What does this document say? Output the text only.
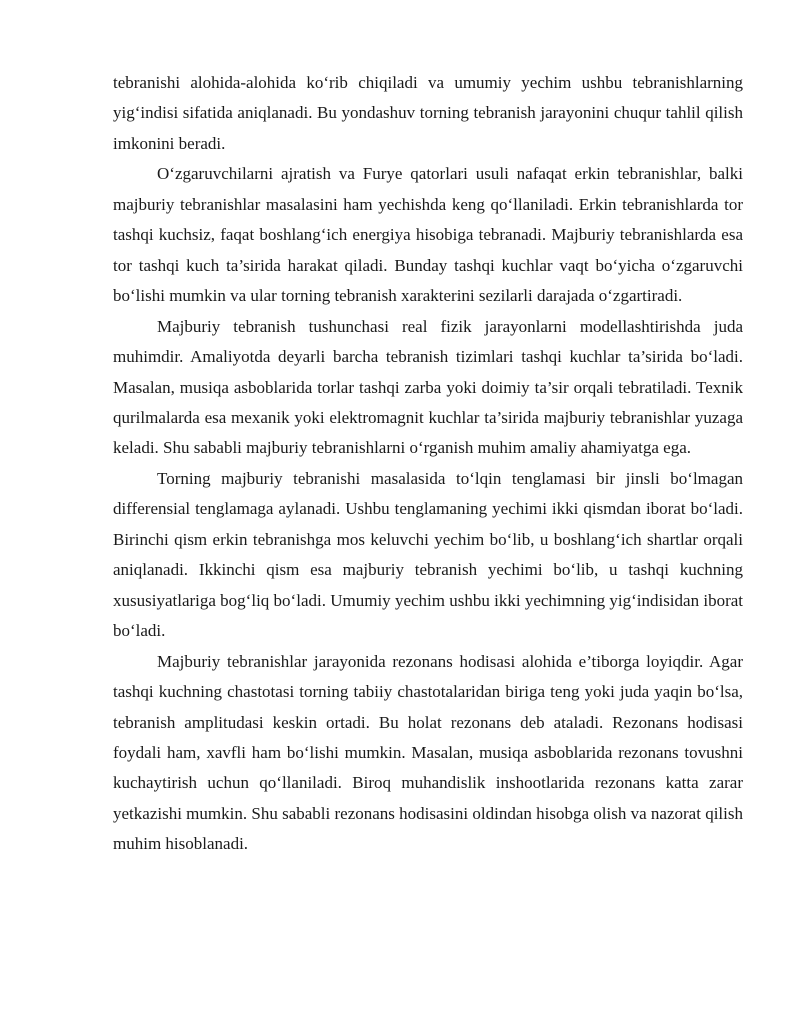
tebranishi alohida-alohida ko‘rib chiqiladi va umumiy yechim ushbu tebranishlarning yig‘indisi sifatida aniqlanadi. Bu yondashuv torning tebranish jarayonini chuqur tahlil qilish imkonini beradi.

O‘zgaruvchilarni ajratish va Furye qatorlari usuli nafaqat erkin tebranishlar, balki majburiy tebranishlar masalasini ham yechishda keng qo‘llaniladi. Erkin tebranishlarda tor tashqi kuchsiz, faqat boshlang‘ich energiya hisobiga tebranadi. Majburiy tebranishlarda esa tor tashqi kuch ta’sirida harakat qiladi. Bunday tashqi kuchlar vaqt bo‘yicha o‘zgaruvchi bo‘lishi mumkin va ular torning tebranish xarakterini sezilarli darajada o‘zgartiradi.

Majburiy tebranish tushunchasi real fizik jarayonlarni modellashtirishda juda muhimdir. Amaliyotda deyarli barcha tebranish tizimlari tashqi kuchlar ta’sirida bo‘ladi. Masalan, musiqa asboblarida torlar tashqi zarba yoki doimiy ta’sir orqali tebratiladi. Texnik qurilmalarda esa mexanik yoki elektromagnit kuchlar ta’sirida majburiy tebranishlar yuzaga keladi. Shu sababli majburiy tebranishlarni o‘rganish muhim amaliy ahamiyatga ega.

Torning majburiy tebranishi masalasida to‘lqin tenglamasi bir jinsli bo‘lmagan differensial tenglamaga aylanadi. Ushbu tenglamaning yechimi ikki qismdan iborat bo‘ladi. Birinchi qism erkin tebranishga mos keluvchi yechim bo‘lib, u boshlang‘ich shartlar orqali aniqlanadi. Ikkinchi qism esa majburiy tebranish yechimi bo‘lib, u tashqi kuchning xususiyatlariga bog‘liq bo‘ladi. Umumiy yechim ushbu ikki yechimning yig‘indisidan iborat bo‘ladi.

Majburiy tebranishlar jarayonida rezonans hodisasi alohida e’tiborga loyiqdir. Agar tashqi kuchning chastotasi torning tabiiy chastotalaridan biriga teng yoki juda yaqin bo‘lsa, tebranish amplitudasi keskin ortadi. Bu holat rezonans deb ataladi. Rezonans hodisasi foydali ham, xavfli ham bo‘lishi mumkin. Masalan, musiqa asboblarida rezonans tovushni kuchaytirish uchun qo‘llaniladi. Biroq muhandislik inshootlarida rezonans katta zarar yetkazishi mumkin. Shu sababli rezonans hodisasini oldindan hisobga olish va nazorat qilish muhim hisoblanadi.
